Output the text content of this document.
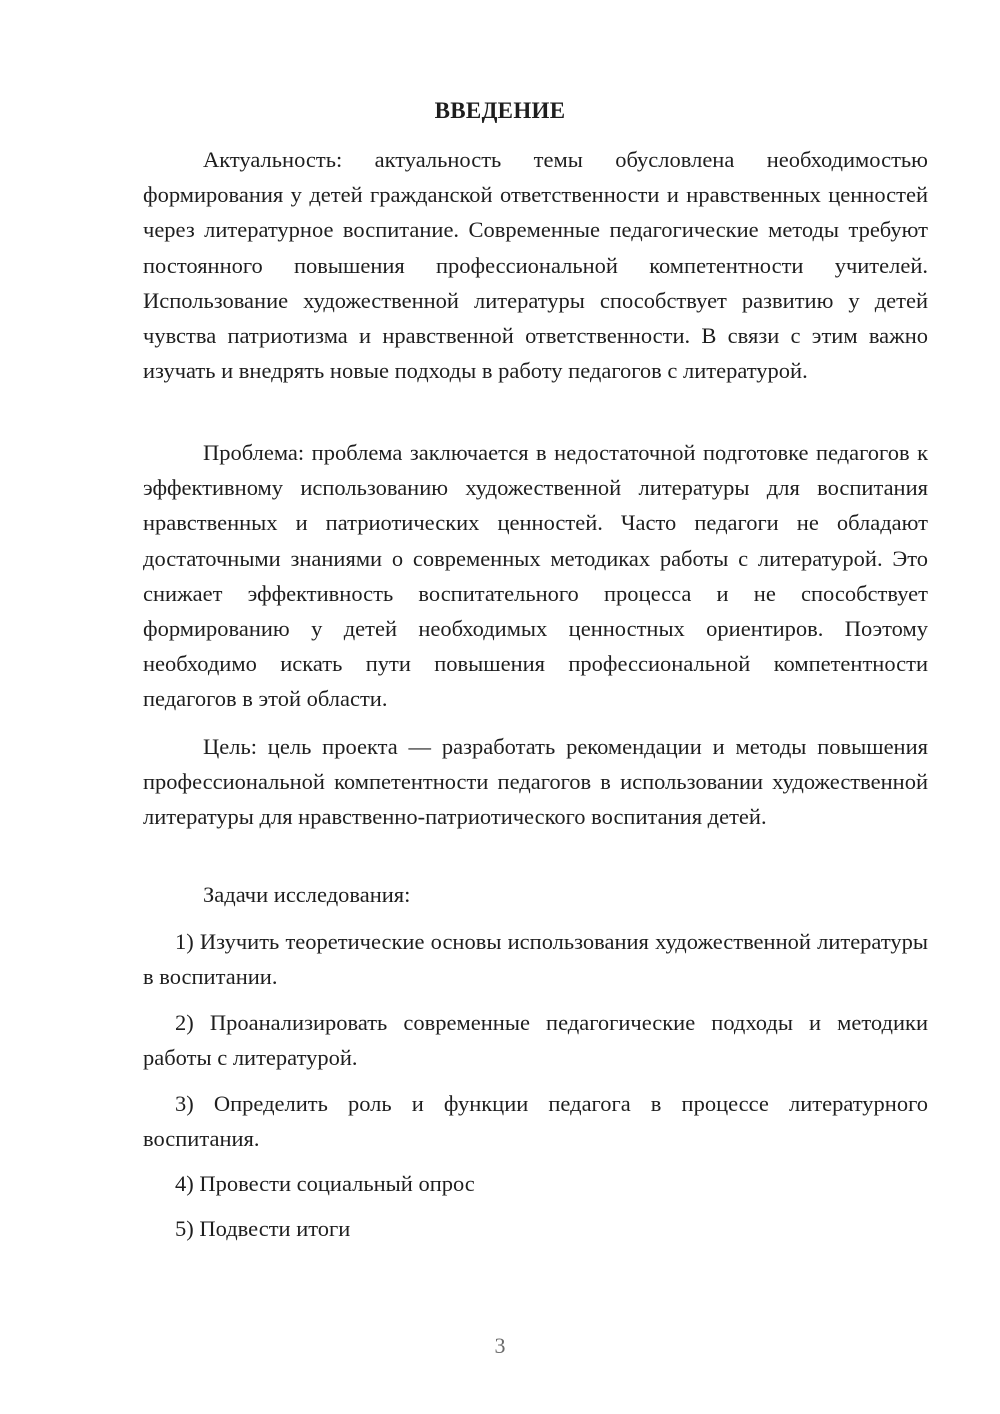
ВВЕДЕНИЕ

Актуальность: актуальность темы обусловлена необходимостью формирования у детей гражданской ответственности и нравственных ценностей через литературное воспитание. Современные педагогические методы требуют постоянного повышения профессиональной компетентности учителей. Использование художественной литературы способствует развитию у детей чувства патриотизма и нравственной ответственности. В связи с этим важно изучать и внедрять новые подходы в работу педагогов с литературой.

Проблема: проблема заключается в недостаточной подготовке педагогов к эффективному использованию художественной литературы для воспитания нравственных и патриотических ценностей. Часто педагоги не обладают достаточными знаниями о современных методиках работы с литературой. Это снижает эффективность воспитательного процесса и не способствует формированию у детей необходимых ценностных ориентиров. Поэтому необходимо искать пути повышения профессиональной компетентности педагогов в этой области.

Цель: цель проекта — разработать рекомендации и методы повышения профессиональной компетентности педагогов в использовании художественной литературы для нравственно-патриотического воспитания детей.

Задачи исследования:

1) Изучить теоретические основы использования художественной литературы в воспитании.

2) Проанализировать современные педагогические подходы и методики работы с литературой.

3) Определить роль и функции педагога в процессе литературного воспитания.

4) Провести социальный опрос

5) Подвести итоги

3
